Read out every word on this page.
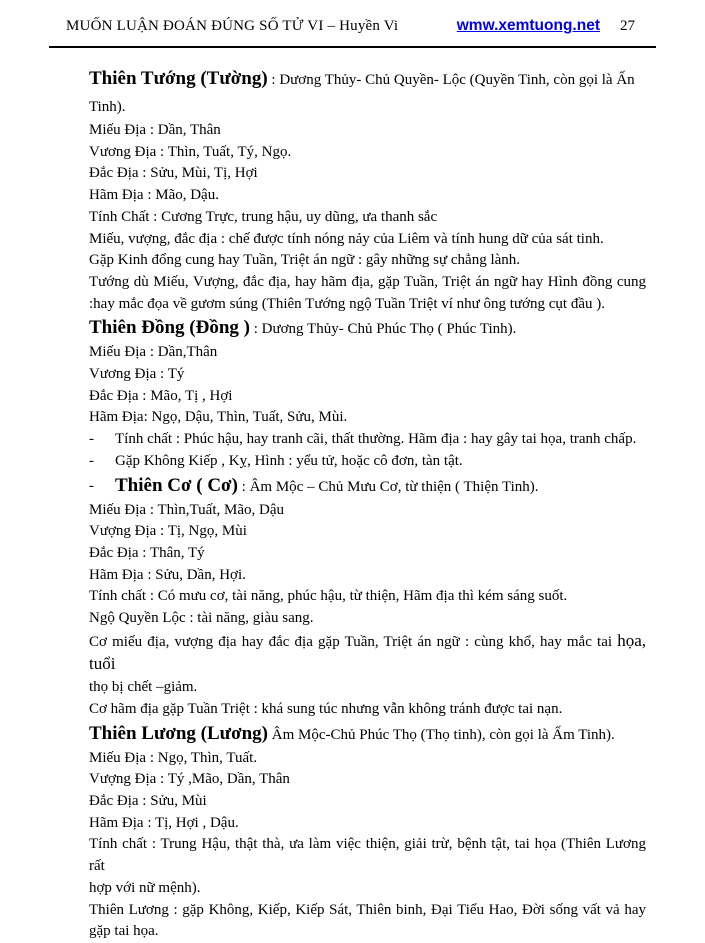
MUỐN LUẬN ĐOÁN ĐÚNG SỐ TỬ VI – Huyền Vi	wmw.xemtuong.net 27

Thiên Tướng (Tường) : Dương Thủy- Chủ Quyền- Lộc (Quyền Tinh, còn gọi là Ấn Tinh).

Miếu Địa : Dần, Thân

Vương Địa : Thìn, Tuất, Tý, Ngọ.

Đắc Địa : Sửu, Mùi, Tị, Hợi

Hãm Địa : Mão, Dậu.

Tính Chất : Cương Trực, trung hậu, uy dũng, ưa thanh sắc

Miếu, vượng, đắc địa : chế được tính nóng nảy của Liêm và tính hung dữ của sát tinh.

Gặp Kinh đổng cung hay Tuần, Triệt án ngữ : gây những sự chẳng lành.

Tướng dù Miếu, Vượng, đắc địa, hay hãm địa, gặp Tuần, Triệt án ngữ hay Hình đồng cung

:hay mắc đọa về gươm súng (Thiên Tướng ngộ Tuần Triệt ví như ông tướng cụt đầu ).

Thiên Đồng (Đồng ) : Dương Thủy- Chủ Phúc Thọ ( Phúc Tinh).

Miếu Địa : Dần,Thân

Vương Địa : Tý

Đắc Địa : Mão, Tị , Hợi

Hãm Địa: Ngọ, Dậu, Thìn, Tuất, Sửu, Mùi.

-	Tính chất : Phúc hậu, hay tranh cãi, thất thường. Hãm địa : hay gây tai họa, tranh chấp.
-	Gặp Không Kiếp , Kỵ, Hình : yểu tử, hoặc cô đơn, tàn tật.
-	Thiên Cơ ( Cơ) : Âm Mộc – Chủ Mưu Cơ, từ thiện ( Thiện Tinh).

Miếu Địa : Thìn,Tuất, Mão, Dậu

Vượng Địa : Tị, Ngọ, Mùi

Đắc Địa : Thân, Tý

Hãm Địa : Sửu, Dần, Hợi.

Tính chất : Có mưu cơ, tài năng, phúc hậu, từ thiện, Hãm địa thì kém sáng suốt.

Ngộ Quyền Lộc : tài năng, giàu sang.

Cơ miếu địa, vượng địa hay đắc địa gặp Tuần, Triệt án ngữ : cùng khổ, hay mắc tai họa, tuổi

thọ bị chết –giảm.

Cơ hãm địa gặp Tuần Triệt : khá sung túc nhưng vẫn không tránh được tai nạn.

Thiên Lương (Lương) Âm Mộc-Chủ Phúc Thọ (Thọ tinh), còn gọi là Ấm Tinh).

Miếu Địa : Ngọ, Thìn, Tuất.

Vượng Địa : Tý ,Mão, Dần, Thân

Đắc Địa : Sửu, Mùi

Hãm Địa : Tị, Hợi , Dậu.

Tính chất : Trung Hậu, thật thà, ưa làm việc thiện, giải trừ, bệnh tật, tai họa (Thiên Lương rất

hợp với nữ mệnh).

Thiên Lương : gặp Không, Kiếp, Kiếp Sát, Thiên binh, Đại Tiểu Hao, Đời sống vất vả hay

gặp tai họa.
